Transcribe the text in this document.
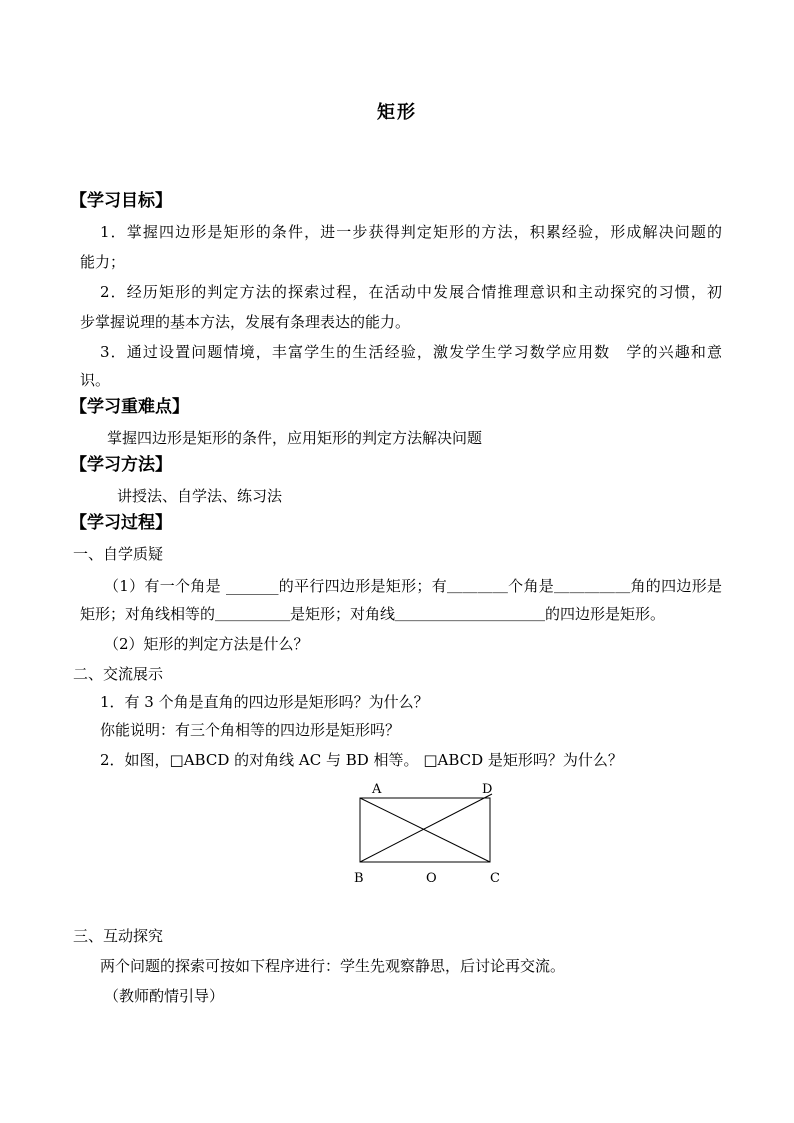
矩形
【学习目标】
1．掌握四边形是矩形的条件，进一步获得判定矩形的方法，积累经验，形成解决问题的
能力；
2．经历矩形的判定方法的探索过程，在活动中发展合情推理意识和主动探究的习惯，初
步掌握说理的基本方法，发展有条理表达的能力。
3．通过设置问题情境，丰富学生的生活经验，激发学生学习数学应用数　学的兴趣和意
识。
【学习重难点】
掌握四边形是矩形的条件，应用矩形的判定方法解决问题
【学习方法】
讲授法、自学法、练习法
【学习过程】
一、自学质疑
（1）有一个角是 _______的平行四边形是矩形；有＿＿＿＿个角是＿＿＿＿＿角的四边形是
矩形；对角线相等的＿＿＿＿＿是矩形；对角线＿＿＿＿＿＿＿＿＿＿的四边形是矩形。
（2）矩形的判定方法是什么？
二、交流展示
1．有 3 个角是直角的四边形是矩形吗？为什么？
你能说明：有三个角相等的四边形是矩形吗？
2．如图，□ABCD 的对角线 AC 与 BD 相等。 □ABCD 是矩形吗？为什么？
A	D
B	O	C
三、互动探究
两个问题的探索可按如下程序进行：学生先观察静思，后讨论再交流。
（教师酌情引导）
